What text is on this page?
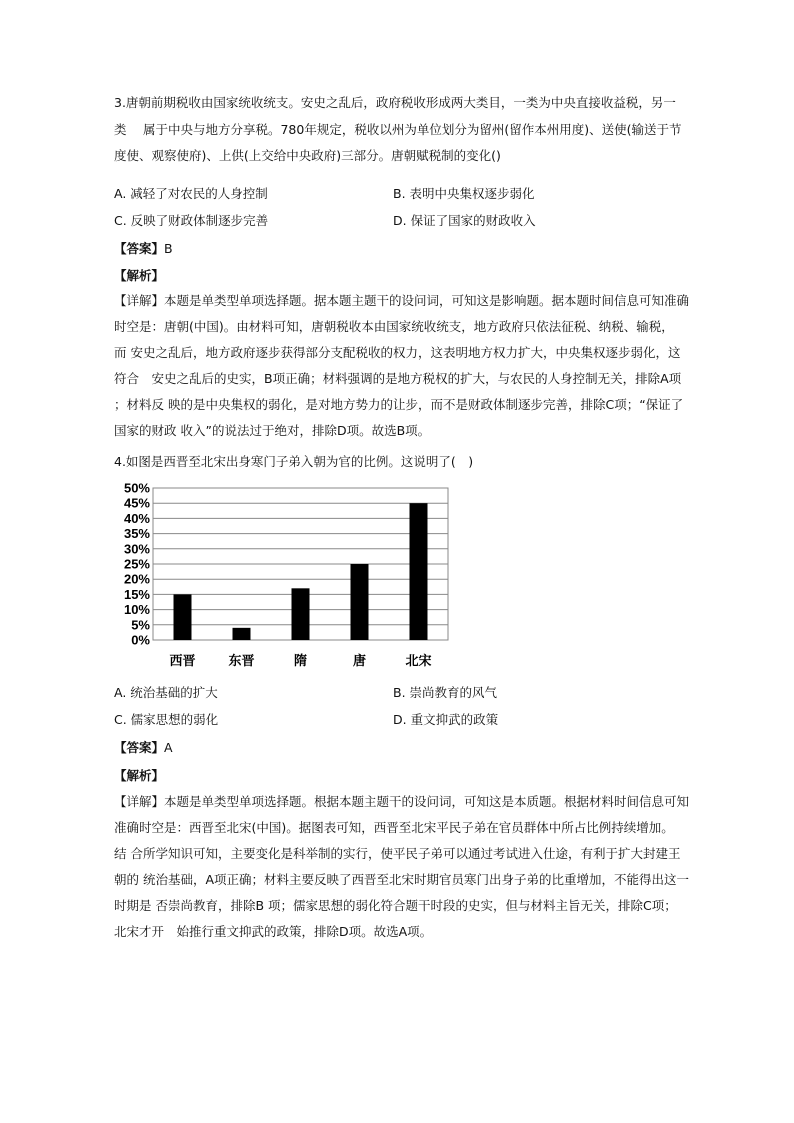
3.唐朝前期税收由国家统收统支。安史之乱后，政府税收形成两大类目，一类为中央直接收益税，另一
类　 属于中央与地方分享税。780年规定，税收以州为单位划分为留州(留作本州用度)、送使(输送于节
度使、观察使府)、上供(上交给中央政府)三部分。唐朝赋税制的变化()
A. 减轻了对农民的人身控制	B. 表明中央集权逐步弱化
C. 反映了财政体制逐步完善	D. 保证了国家的财政收入
【答案】B
【解析】
【详解】本题是单类型单项选择题。据本题主题干的设问词，可知这是影响题。据本题时间信息可知准确
时空是：唐朝(中国)。由材料可知，唐朝税收本由国家统收统支，地方政府只依法征税、纳税、输税，
而 安史之乱后，地方政府逐步获得部分支配税收的权力，这表明地方权力扩大，中央集权逐步弱化，这
符合　安史之乱后的史实，B项正确；材料强调的是地方税权的扩大，与农民的人身控制无关，排除A项
；材料反 映的是中央集权的弱化，是对地方势力的让步，而不是财政体制逐步完善，排除C项；“保证了
国家的财政 收入”的说法过于绝对，排除D项。故选B项。
4.如图是西晋至北宋出身寒门子弟入朝为官的比例。这说明了(　)
0%
5%
10%
15%
20%
25%
30%
35%
40%
45%
50%
西晋	东晋	隋	唐	北宋
A. 统治基础的扩大	B. 崇尚教育的风气
C. 儒家思想的弱化	D. 重文抑武的政策
【答案】A
【解析】
【详解】本题是单类型单项选择题。根据本题主题干的设问词，可知这是本质题。根据材料时间信息可知
准确时空是：西晋至北宋(中国)。据图表可知，西晋至北宋平民子弟在官员群体中所占比例持续增加。
结 合所学知识可知，主要变化是科举制的实行，使平民子弟可以通过考试进入仕途，有利于扩大封建王
朝的 统治基础，A项正确；材料主要反映了西晋至北宋时期官员寒门出身子弟的比重增加，不能得出这一
时期是 否崇尚教育，排除B 项；儒家思想的弱化符合题干时段的史实，但与材料主旨无关，排除C项；
北宋才开　始推行重文抑武的政策，排除D项。故选A项。
